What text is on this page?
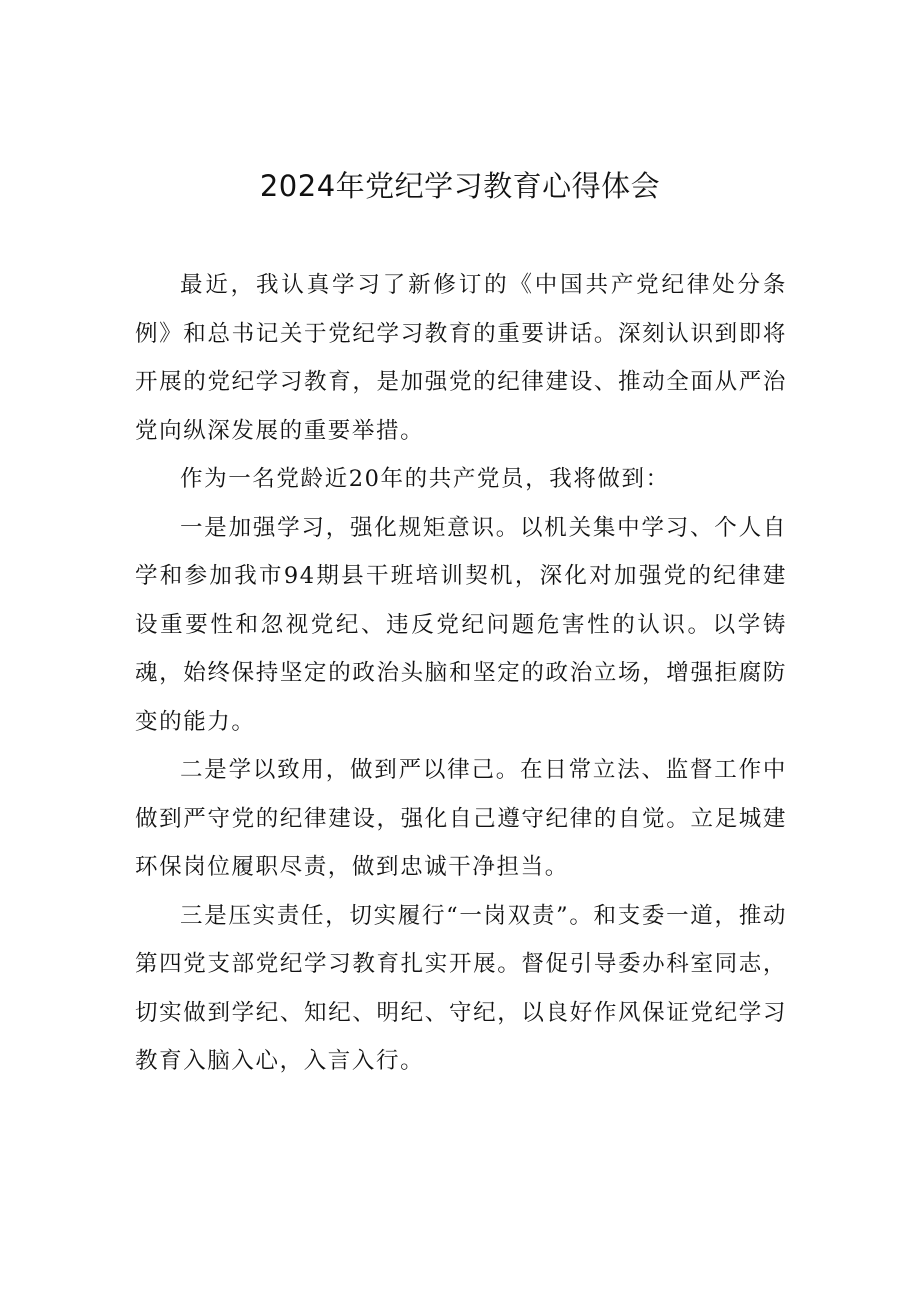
2024年党纪学习教育心得体会

最近，我认真学习了新修订的《中国共产党纪律处分条例》和总书记关于党纪学习教育的重要讲话。深刻认识到即将开展的党纪学习教育，是加强党的纪律建设、推动全面从严治党向纵深发展的重要举措。

作为一名党龄近20年的共产党员，我将做到：

一是加强学习，强化规矩意识。以机关集中学习、个人自学和参加我市94期县干班培训契机，深化对加强党的纪律建设重要性和忽视党纪、违反党纪问题危害性的认识。以学铸魂，始终保持坚定的政治头脑和坚定的政治立场，增强拒腐防变的能力。

二是学以致用，做到严以律己。在日常立法、监督工作中做到严守党的纪律建设，强化自己遵守纪律的自觉。立足城建环保岗位履职尽责，做到忠诚干净担当。

三是压实责任，切实履行“一岗双责”。和支委一道，推动第四党支部党纪学习教育扎实开展。督促引导委办科室同志，切实做到学纪、知纪、明纪、守纪，以良好作风保证党纪学习教育入脑入心，入言入行。
